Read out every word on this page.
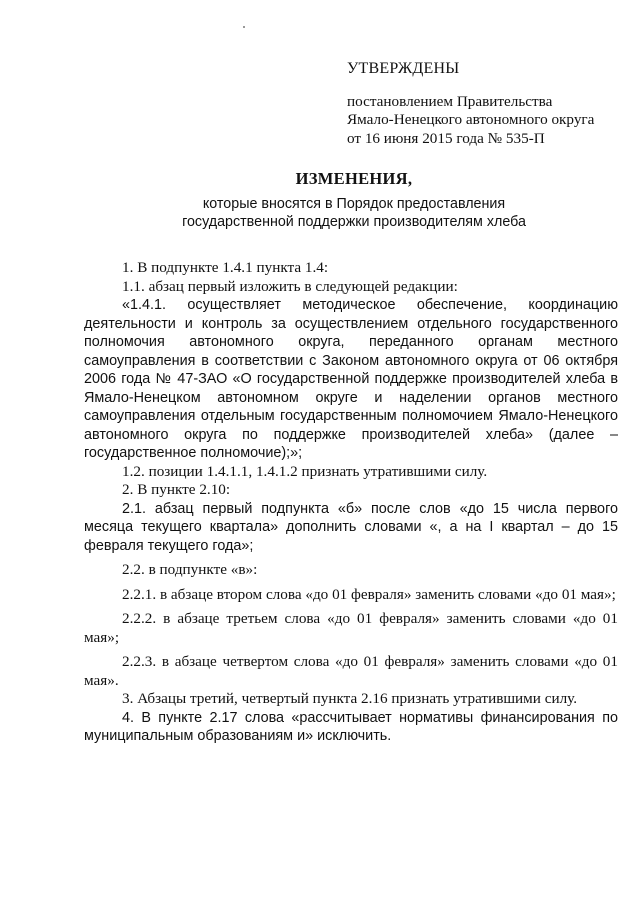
УТВЕРЖДЕНЫ
постановлением Правительства
Ямало-Ненецкого автономного округа
от 16 июня 2015 года № 535-П
ИЗМЕНЕНИЯ,
которые вносятся в Порядок предоставления
государственной поддержки производителям хлеба

1. В подпункте 1.4.1 пункта 1.4:

1.1. абзац первый изложить в следующей редакции:

«1.4.1. осуществляет методическое обеспечение, координацию деятельности и контроль за осуществлением отдельного государственного полномочия автономного округа, переданного органам местного самоуправления в соответствии с Законом автономного округа от 06 октября 2006 года № 47-ЗАО «О государственной поддержке производителей хлеба в Ямало-Ненецком автономном округе и наделении органов местного самоуправления отдельным государственным полномочием Ямало-Ненецкого автономного округа по поддержке производителей хлеба» (далее – государственное полномочие);»;

1.2. позиции 1.4.1.1, 1.4.1.2 признать утратившими силу.

2. В пункте 2.10:

2.1. абзац первый подпункта «б» после слов «до 15 числа первого месяца текущего квартала» дополнить словами «, а на I квартал – до 15 февраля текущего года»;

2.2. в подпункте «в»:

2.2.1. в абзаце втором слова «до 01 февраля» заменить словами «до 01 мая»;

2.2.2. в абзаце третьем слова «до 01 февраля» заменить словами «до 01 мая»;

2.2.3. в абзаце четвертом слова «до 01 февраля» заменить словами «до 01 мая».

3. Абзацы третий, четвертый пункта 2.16 признать утратившими силу.

4. В пункте 2.17 слова «рассчитывает нормативы финансирования по муниципальным образованиям и» исключить.
